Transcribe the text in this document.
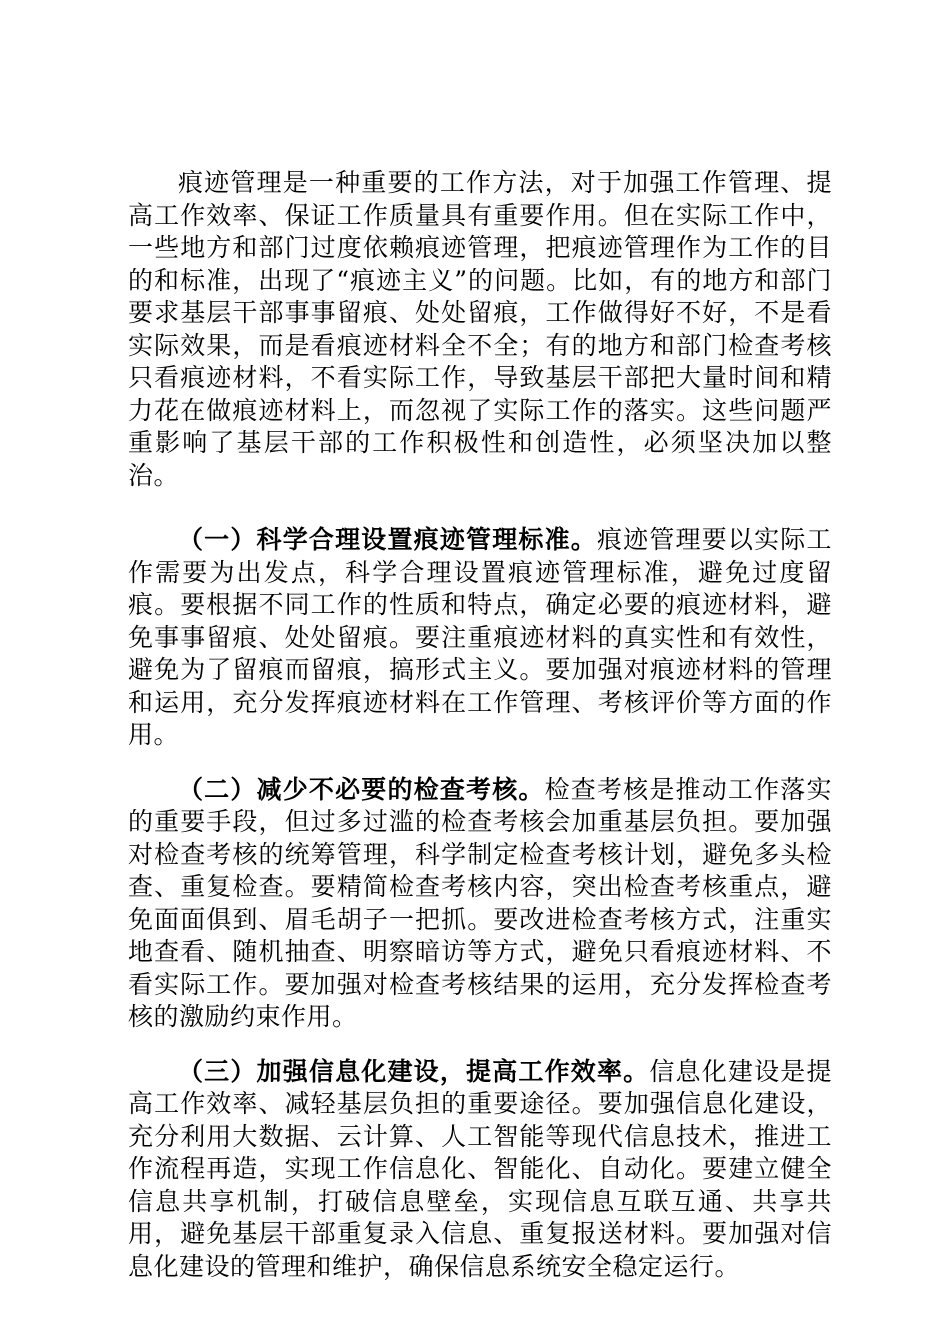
痕迹管理是一种重要的工作方法，对于加强工作管理、提高工作效率、保证工作质量具有重要作用。但在实际工作中，一些地方和部门过度依赖痕迹管理，把痕迹管理作为工作的目的和标准，出现了“痕迹主义”的问题。比如，有的地方和部门要求基层干部事事留痕、处处留痕，工作做得好不好，不是看实际效果，而是看痕迹材料全不全；有的地方和部门检查考核只看痕迹材料，不看实际工作，导致基层干部把大量时间和精力花在做痕迹材料上，而忽视了实际工作的落实。这些问题严重影响了基层干部的工作积极性和创造性，必须坚决加以整治。

（一）科学合理设置痕迹管理标准。痕迹管理要以实际工作需要为出发点，科学合理设置痕迹管理标准，避免过度留痕。要根据不同工作的性质和特点，确定必要的痕迹材料，避免事事留痕、处处留痕。要注重痕迹材料的真实性和有效性，避免为了留痕而留痕，搞形式主义。要加强对痕迹材料的管理和运用，充分发挥痕迹材料在工作管理、考核评价等方面的作用。

（二）减少不必要的检查考核。检查考核是推动工作落实的重要手段，但过多过滥的检查考核会加重基层负担。要加强对检查考核的统筹管理，科学制定检查考核计划，避免多头检查、重复检查。要精简检查考核内容，突出检查考核重点，避免面面俱到、眉毛胡子一把抓。要改进检查考核方式，注重实地查看、随机抽查、明察暗访等方式，避免只看痕迹材料、不看实际工作。要加强对检查考核结果的运用，充分发挥检查考核的激励约束作用。

（三）加强信息化建设，提高工作效率。信息化建设是提高工作效率、减轻基层负担的重要途径。要加强信息化建设，充分利用大数据、云计算、人工智能等现代信息技术，推进工作流程再造，实现工作信息化、智能化、自动化。要建立健全信息共享机制，打破信息壁垒，实现信息互联互通、共享共用，避免基层干部重复录入信息、重复报送材料。要加强对信息化建设的管理和维护，确保信息系统安全稳定运行。
